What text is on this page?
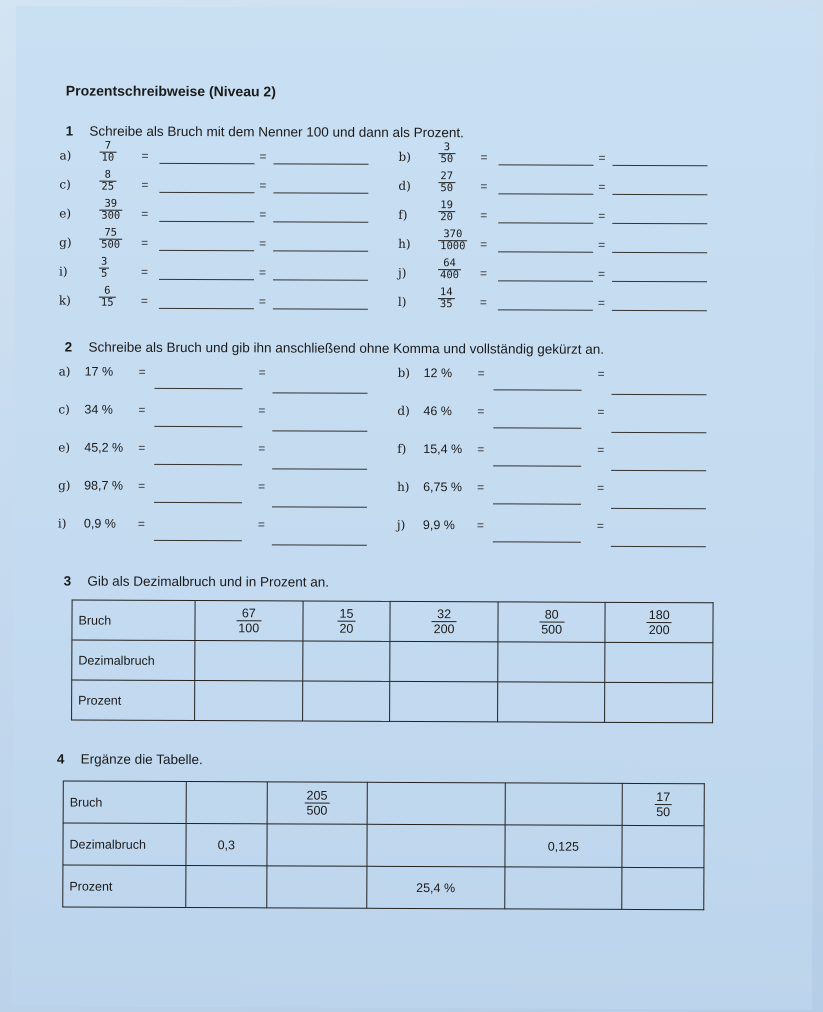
Prozentschreibweise (Niveau 2)
1 Schreibe als Bruch mit dem Nenner 100 und dann als Prozent.
a)	$\frac{7}{10}$ =	=	b)	$\frac{3}{50}$ =	=
c)	$\frac{8}{25}$ =	=	d)	$\frac{27}{50}$ =	=
e)	$\frac{39}{300}$ =	=	f)	$\frac{19}{20}$ =	=
g)	$\frac{75}{500}$ =	=	h)	$\frac{370}{1000}$ =	=
i)	$\frac{3}{5}$	=	=	j)	$\frac{64}{400}$ =	=
k)	$\frac{6}{15}$ =	=	l)	$\frac{14}{35}$ =	=
2 Schreibe als Bruch und gib ihn anschließend ohne Komma und vollständig gekürzt an.
a) 17 % =	=	b) 12 % =	=
c) 34 % =	=	d) 46 % =	=
e) 45,2 % =	=	f) 15,4 % =	=
g) 98,7 % =	=	h) 6,75 % =	=
i) 0,9 % =	=	j) 9,9 % =	=
3 Gib als Dezimalbruch und in Prozent an.
Bruch	$\frac{67}{100}$	$\frac{15}{20}$	$\frac{32}{200}$	$\frac{80}{500}$	$\frac{180}{200}$

Dezimalbruch					
Prozent					
4 Ergänze die Tabelle.
Bruch		$\frac{205}{500}$			$\frac{17}{50}$

Dezimalbruch	0,3			0,125	
Prozent			25,4 %		
